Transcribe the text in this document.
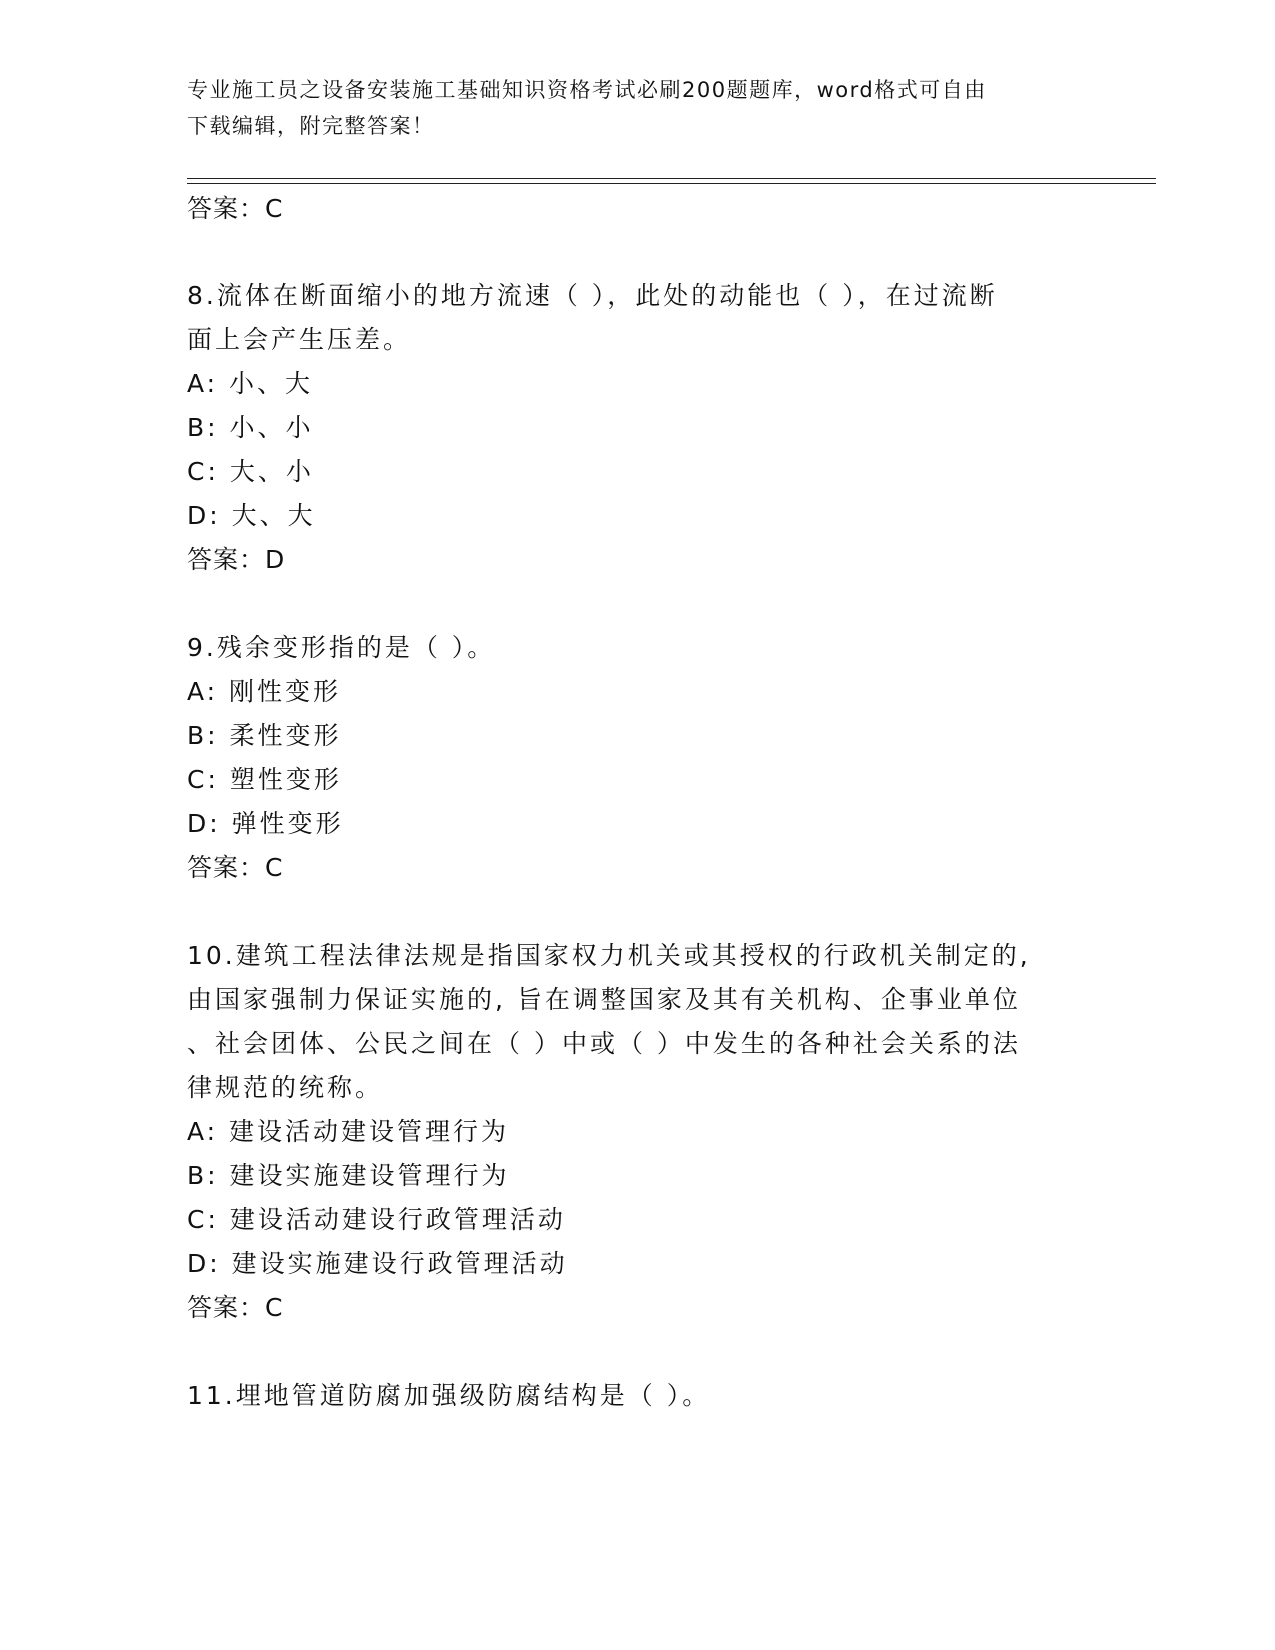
专业施工员之设备安装施工基础知识资格考试必刷200题题库，word格式可自由
下载编辑，附完整答案！
答案：C
8.流体在断面缩小的地方流速（ ），此处的动能也（ ），在过流断
面上会产生压差。
A: 小、大
B: 小、小
C: 大、小
D: 大、大
答案：D
9.残余变形指的是（ ）。
A: 刚性变形
B: 柔性变形
C: 塑性变形
D: 弹性变形
答案：C
10.建筑工程法律法规是指国家权力机关或其授权的行政机关制定的,
由国家强制力保证实施的, 旨在调整国家及其有关机构、企事业单位
、社会团体、公民之间在（ ）中或（ ）中发生的各种社会关系的法
律规范的统称。
A: 建设活动建设管理行为
B: 建设实施建设管理行为
C: 建设活动建设行政管理活动
D: 建设实施建设行政管理活动
答案：C
11.埋地管道防腐加强级防腐结构是（ ）。
